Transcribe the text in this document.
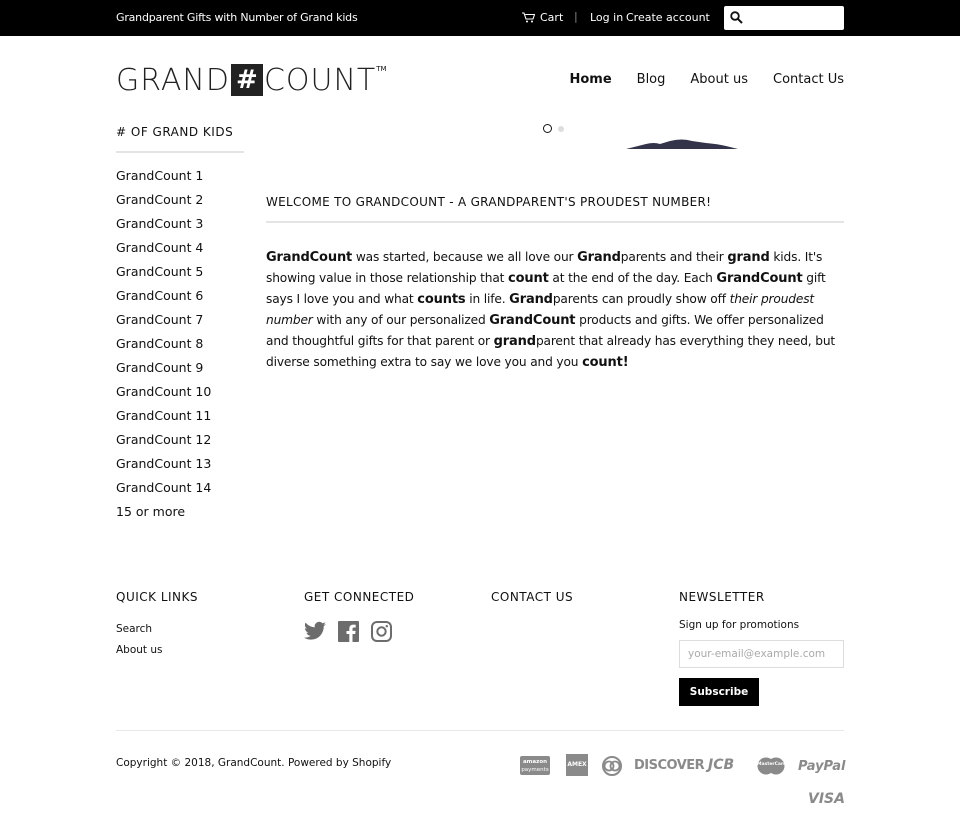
Grandparent Gifts with Number of Grand kids	Cart | Log in Create account
GRAND # COUNT TM
Home Blog About us Contact Us
# OF GRAND KIDS
GrandCount 1
GrandCount 2
GrandCount 3
GrandCount 4
GrandCount 5
GrandCount 6
GrandCount 7
GrandCount 8
GrandCount 9
GrandCount 10
GrandCount 11
GrandCount 12
GrandCount 13
GrandCount 14
15 or more
WELCOME TO GRANDCOUNT - A GRANDPARENT'S PROUDEST NUMBER!

GrandCount was started, because we all love our Grandparents and their grand kids. It's showing value in those relationship that count at the end of the day. Each GrandCount gift says I love you and what counts in life. Grandparents can proudly show off their proudest number with any of our personalized GrandCount products and gifts. We offer personalized and thoughtful gifts for that parent or grandparent that already has everything they need, but diverse something extra to say we love you and you count!

QUICK LINKS
Search
About us
GET CONNECTED	CONTACT US	NEWSLETTER
Sign up for promotions
your-email@example.com
Subscribe
Copyright © 2018, GrandCount. Powered by Shopify	amazon
payments
AMEX	DISCOVER JCB	MasterCard PayPal
VISA
